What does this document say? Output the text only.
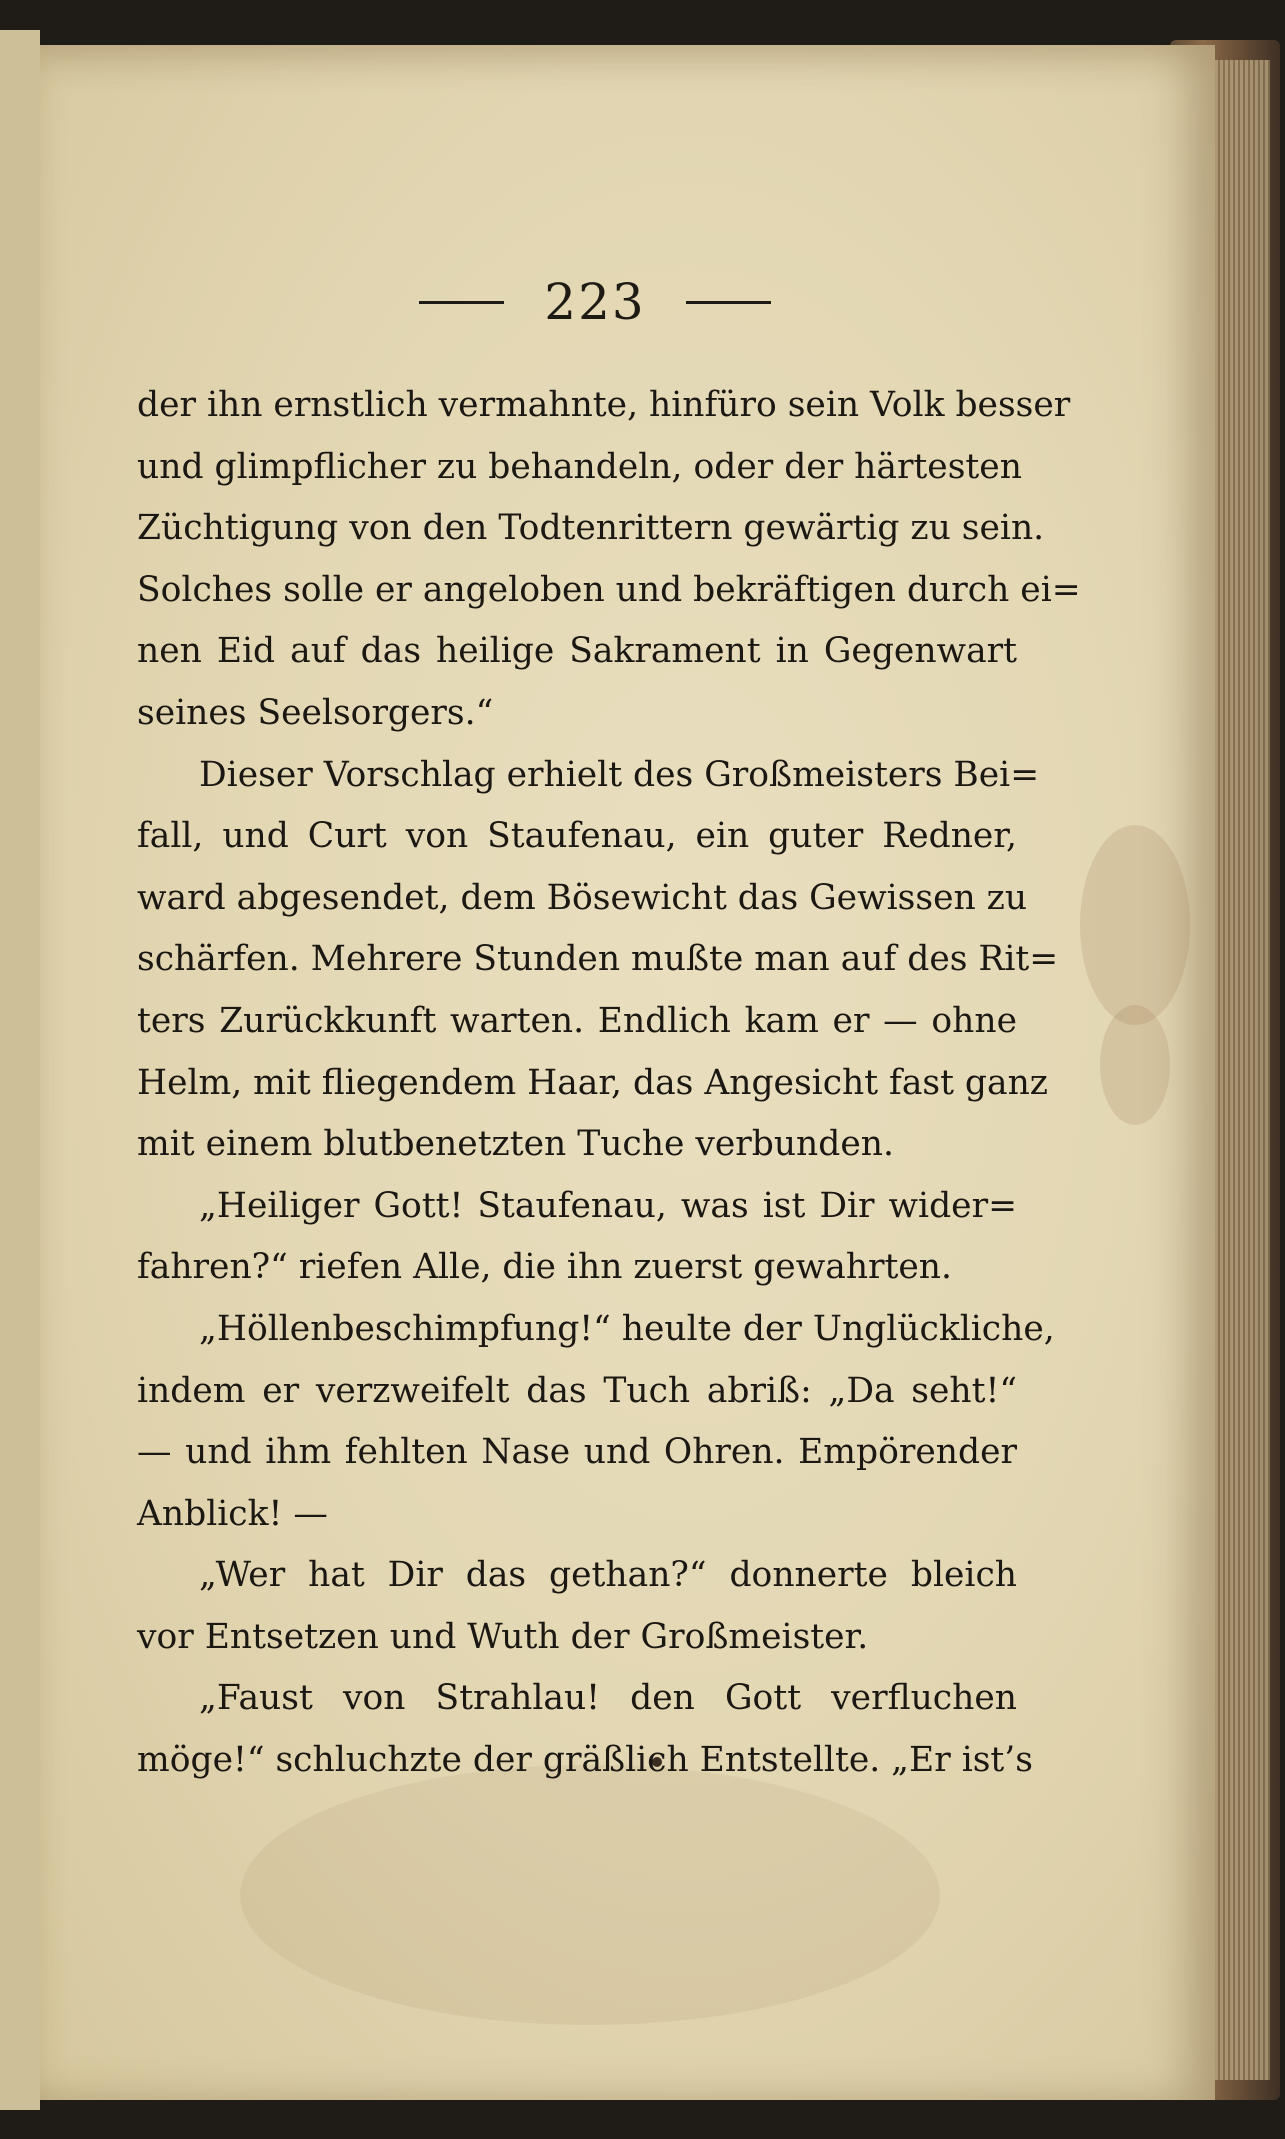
223
der ihn ernstlich vermahnte, hinfüro sein Volk besser
und glimpflicher zu behandeln, oder der härtesten
Züchtigung von den Todtenrittern gewärtig zu sein.
Solches solle er angeloben und bekräftigen durch ei=
nen Eid auf das heilige Sakrament in Gegenwart
seines Seelsorgers.“
Dieser Vorschlag erhielt des Großmeisters Bei=
fall, und Curt von Staufenau, ein guter Redner,
ward abgesendet, dem Bösewicht das Gewissen zu
schärfen. Mehrere Stunden mußte man auf des Rit=
ters Zurückkunft warten. Endlich kam er — ohne
Helm, mit fliegendem Haar, das Angesicht fast ganz
mit einem blutbenetzten Tuche verbunden.
„Heiliger Gott! Staufenau, was ist Dir wider=
fahren?“ riefen Alle, die ihn zuerst gewahrten.
„Höllenbeschimpfung!“ heulte der Unglückliche,
indem er verzweifelt das Tuch abriß: „Da seht!“
— und ihm fehlten Nase und Ohren. Empörender
Anblick! —
„Wer hat Dir das gethan?“ donnerte bleich
vor Entsetzen und Wuth der Großmeister.
„Faust von Strahlau! den Gott verfluchen
möge!“ schluchzte der gräßlich Entstellte. „Er ist’s
